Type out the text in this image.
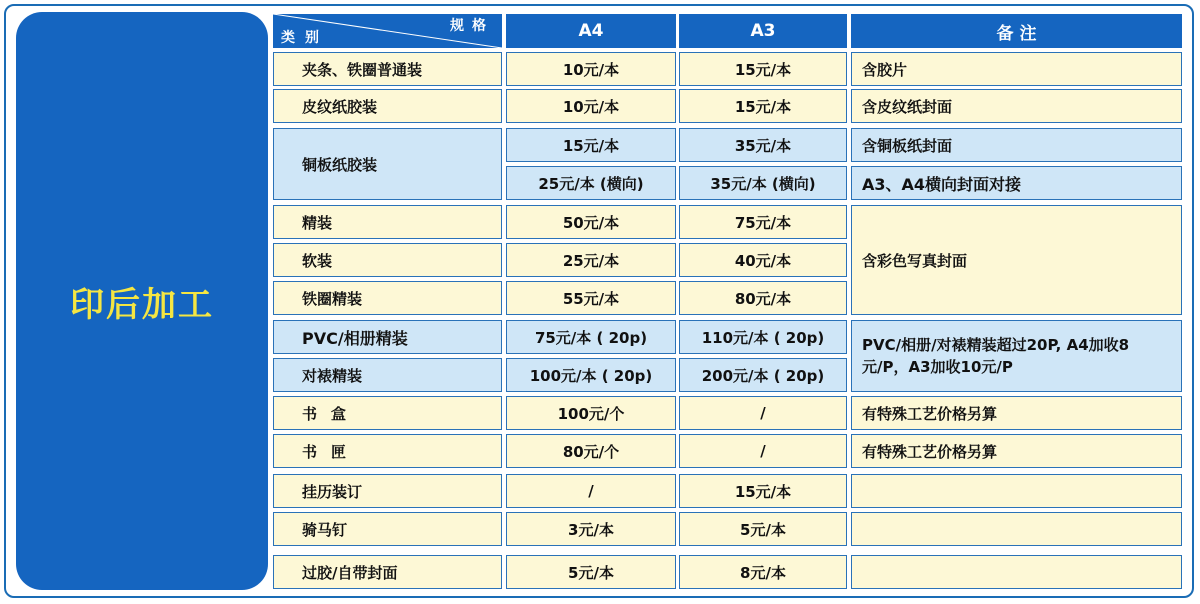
印后加工
规格
类别	A4	A3	备 注
夹条、铁圈普通装	10元/本	15元/本	含胶片
皮纹纸胶装	10元/本	15元/本	含皮纹纸封面
铜板纸胶装
15元/本	35元/本	含铜板纸封面
25元/本 (横向)	35元/本 (横向)	A3、A4横向封面对接
精装	50元/本	75元/本
软装	25元/本	40元/本
铁圈精装	55元/本	80元/本
含彩色写真封面
PVC/相册精装	75元/本 ( 20p)	110元/本 ( 20p)
对裱精装	100元/本 ( 20p)	200元/本 ( 20p)
PVC/相册/对裱精装超过20P, A4加收8元/P，A3加收10元/P
书盒	100元/个	/	有特殊工艺价格另算
书匣	80元/个	/	有特殊工艺价格另算
挂历装订	/	15元/本
骑马钉	3元/本	5元/本
过胶/自带封面	5元/本	8元/本
